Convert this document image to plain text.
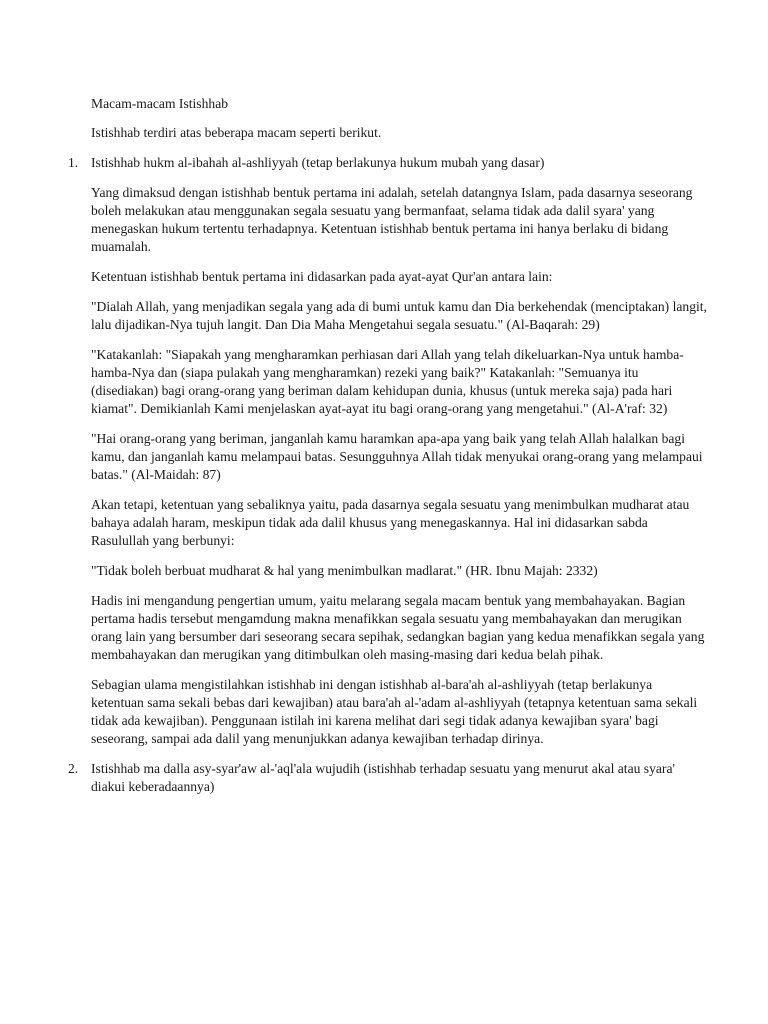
Macam-macam Istishhab

Istishhab terdiri atas beberapa macam seperti berikut.

1. Istishhab hukm al-ibahah al-ashliyyah (tetap berlakunya hukum mubah yang dasar)

Yang dimaksud dengan istishhab bentuk pertama ini adalah, setelah datangnya Islam, pada dasarnya seseorang boleh melakukan atau menggunakan segala sesuatu yang bermanfaat, selama tidak ada dalil syara' yang menegaskan hukum tertentu terhadapnya. Ketentuan istishhab bentuk pertama ini hanya berlaku di bidang muamalah.

Ketentuan istishhab bentuk pertama ini didasarkan pada ayat-ayat Qur'an antara lain:

"Dialah Allah, yang menjadikan segala yang ada di bumi untuk kamu dan Dia berkehendak (menciptakan) langit, lalu dijadikan-Nya tujuh langit. Dan Dia Maha Mengetahui segala sesuatu." (Al-Baqarah: 29)

"Katakanlah: "Siapakah yang mengharamkan perhiasan dari Allah yang telah dikeluarkan-Nya untuk hamba-hamba-Nya dan (siapa pulakah yang mengharamkan) rezeki yang baik?" Katakanlah: "Semuanya itu (disediakan) bagi orang-orang yang beriman dalam kehidupan dunia, khusus (untuk mereka saja) pada hari kiamat". Demikianlah Kami menjelaskan ayat-ayat itu bagi orang-orang yang mengetahui." (Al-A'raf: 32)

"Hai orang-orang yang beriman, janganlah kamu haramkan apa-apa yang baik yang telah Allah halalkan bagi kamu, dan janganlah kamu melampaui batas. Sesungguhnya Allah tidak menyukai orang-orang yang melampaui batas." (Al-Maidah: 87)

Akan tetapi, ketentuan yang sebaliknya yaitu, pada dasarnya segala sesuatu yang menimbulkan mudharat atau bahaya adalah haram, meskipun tidak ada dalil khusus yang menegaskannya. Hal ini didasarkan sabda Rasulullah yang berbunyi:

"Tidak boleh berbuat mudharat & hal yang menimbulkan madlarat." (HR. Ibnu Majah: 2332)

Hadis ini mengandung pengertian umum, yaitu melarang segala macam bentuk yang membahayakan. Bagian pertama hadis tersebut mengamdung makna menafikkan segala sesuatu yang membahayakan dan merugikan orang lain yang bersumber dari seseorang secara sepihak, sedangkan bagian yang kedua menafikkan segala yang membahayakan dan merugikan yang ditimbulkan oleh masing-masing dari kedua belah pihak.

Sebagian ulama mengistilahkan istishhab ini dengan istishhab al-bara'ah al-ashliyyah (tetap berlakunya ketentuan sama sekali bebas dari kewajiban) atau bara'ah al-'adam al-ashliyyah (tetapnya ketentuan sama sekali tidak ada kewajiban). Penggunaan istilah ini karena melihat dari segi tidak adanya kewajiban syara' bagi seseorang, sampai ada dalil yang menunjukkan adanya kewajiban terhadap dirinya.

2. Istishhab ma dalla asy-syar'aw al-'aql'ala wujudih (istishhab terhadap sesuatu yang menurut akal atau syara' diakui keberadaannya)
